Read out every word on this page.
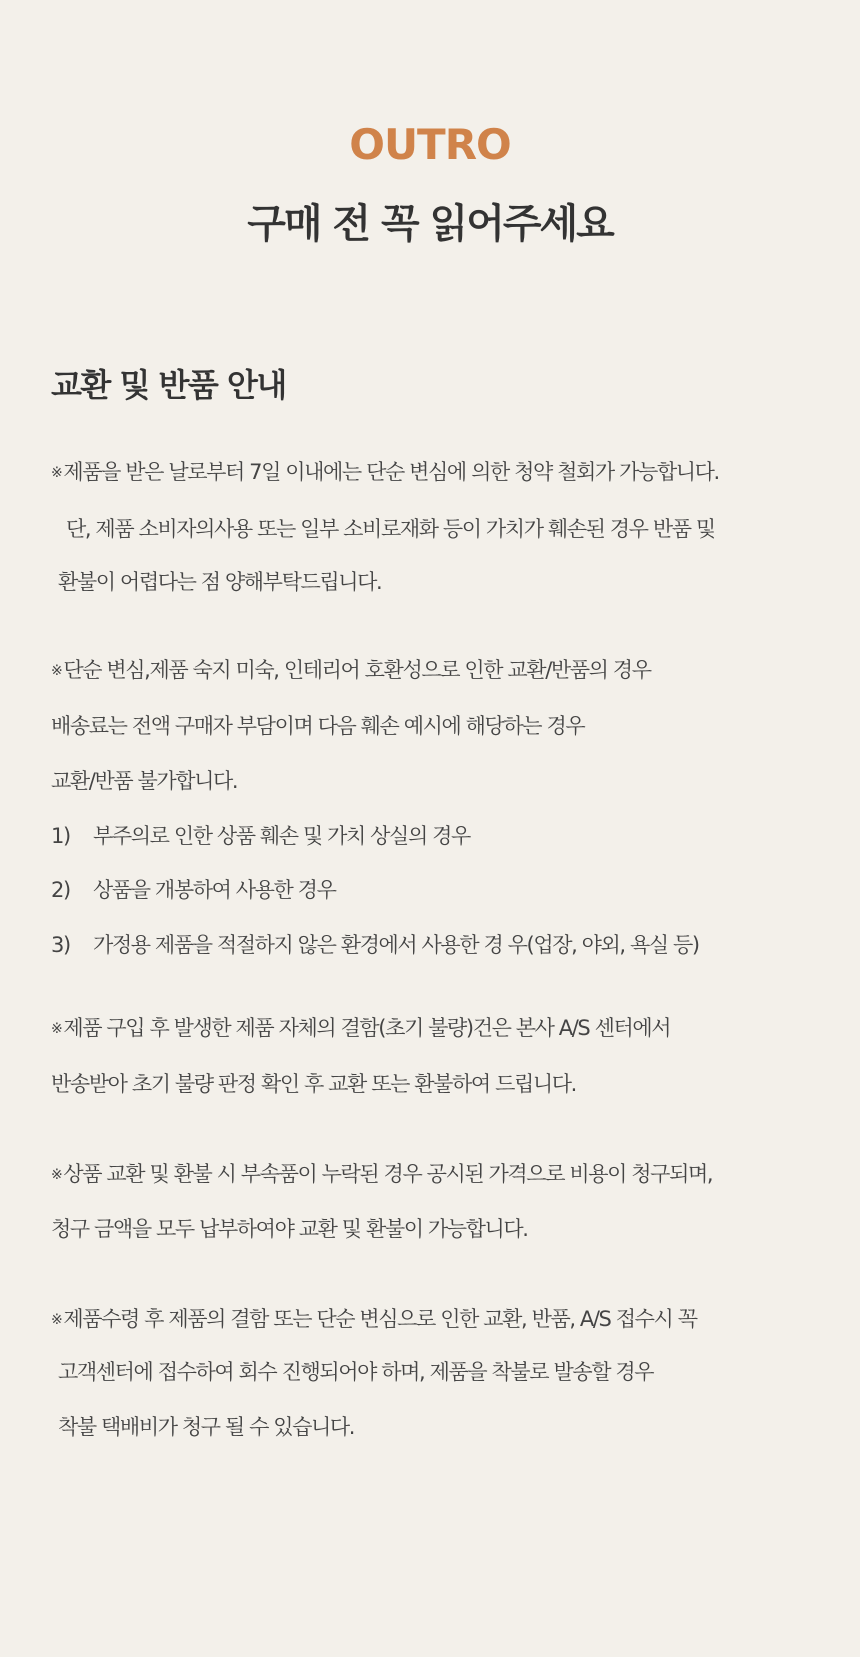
OUTRO
구매 전 꼭 읽어주세요
교환 및 반품 안내
※제품을 받은 날로부터 7일 이내에는 단순 변심에 의한 청약 철회가 가능합니다.
단, 제품 소비자의사용 또는 일부 소비로재화 등이 가치가 훼손된 경우 반품 및
환불이 어렵다는 점 양해부탁드립니다.
※단순 변심,제품 숙지 미숙, 인테리어 호환성으로 인한 교환/반품의 경우
배송료는 전액 구매자 부담이며 다음 훼손 예시에 해당하는 경우
교환/반품 불가합니다.
1) 부주의로 인한 상품 훼손 및 가치 상실의 경우
2) 상품을 개봉하여 사용한 경우
3) 가정용 제품을 적절하지 않은 환경에서 사용한 경 우(업장, 야외, 욕실 등)
※제품 구입 후 발생한 제품 자체의 결함(초기 불량)건은 본사 A/S 센터에서
반송받아 초기 불량 판정 확인 후 교환 또는 환불하여 드립니다.
※상품 교환 및 환불 시 부속품이 누락된 경우 공시된 가격으로 비용이 청구되며,
청구 금액을 모두 납부하여야 교환 및 환불이 가능합니다.
※제품수령 후 제품의 결함 또는 단순 변심으로 인한 교환, 반품, A/S 접수시 꼭
고객센터에 접수하여 회수 진행되어야 하며, 제품을 착불로 발송할 경우
착불 택배비가 청구 될 수 있습니다.
